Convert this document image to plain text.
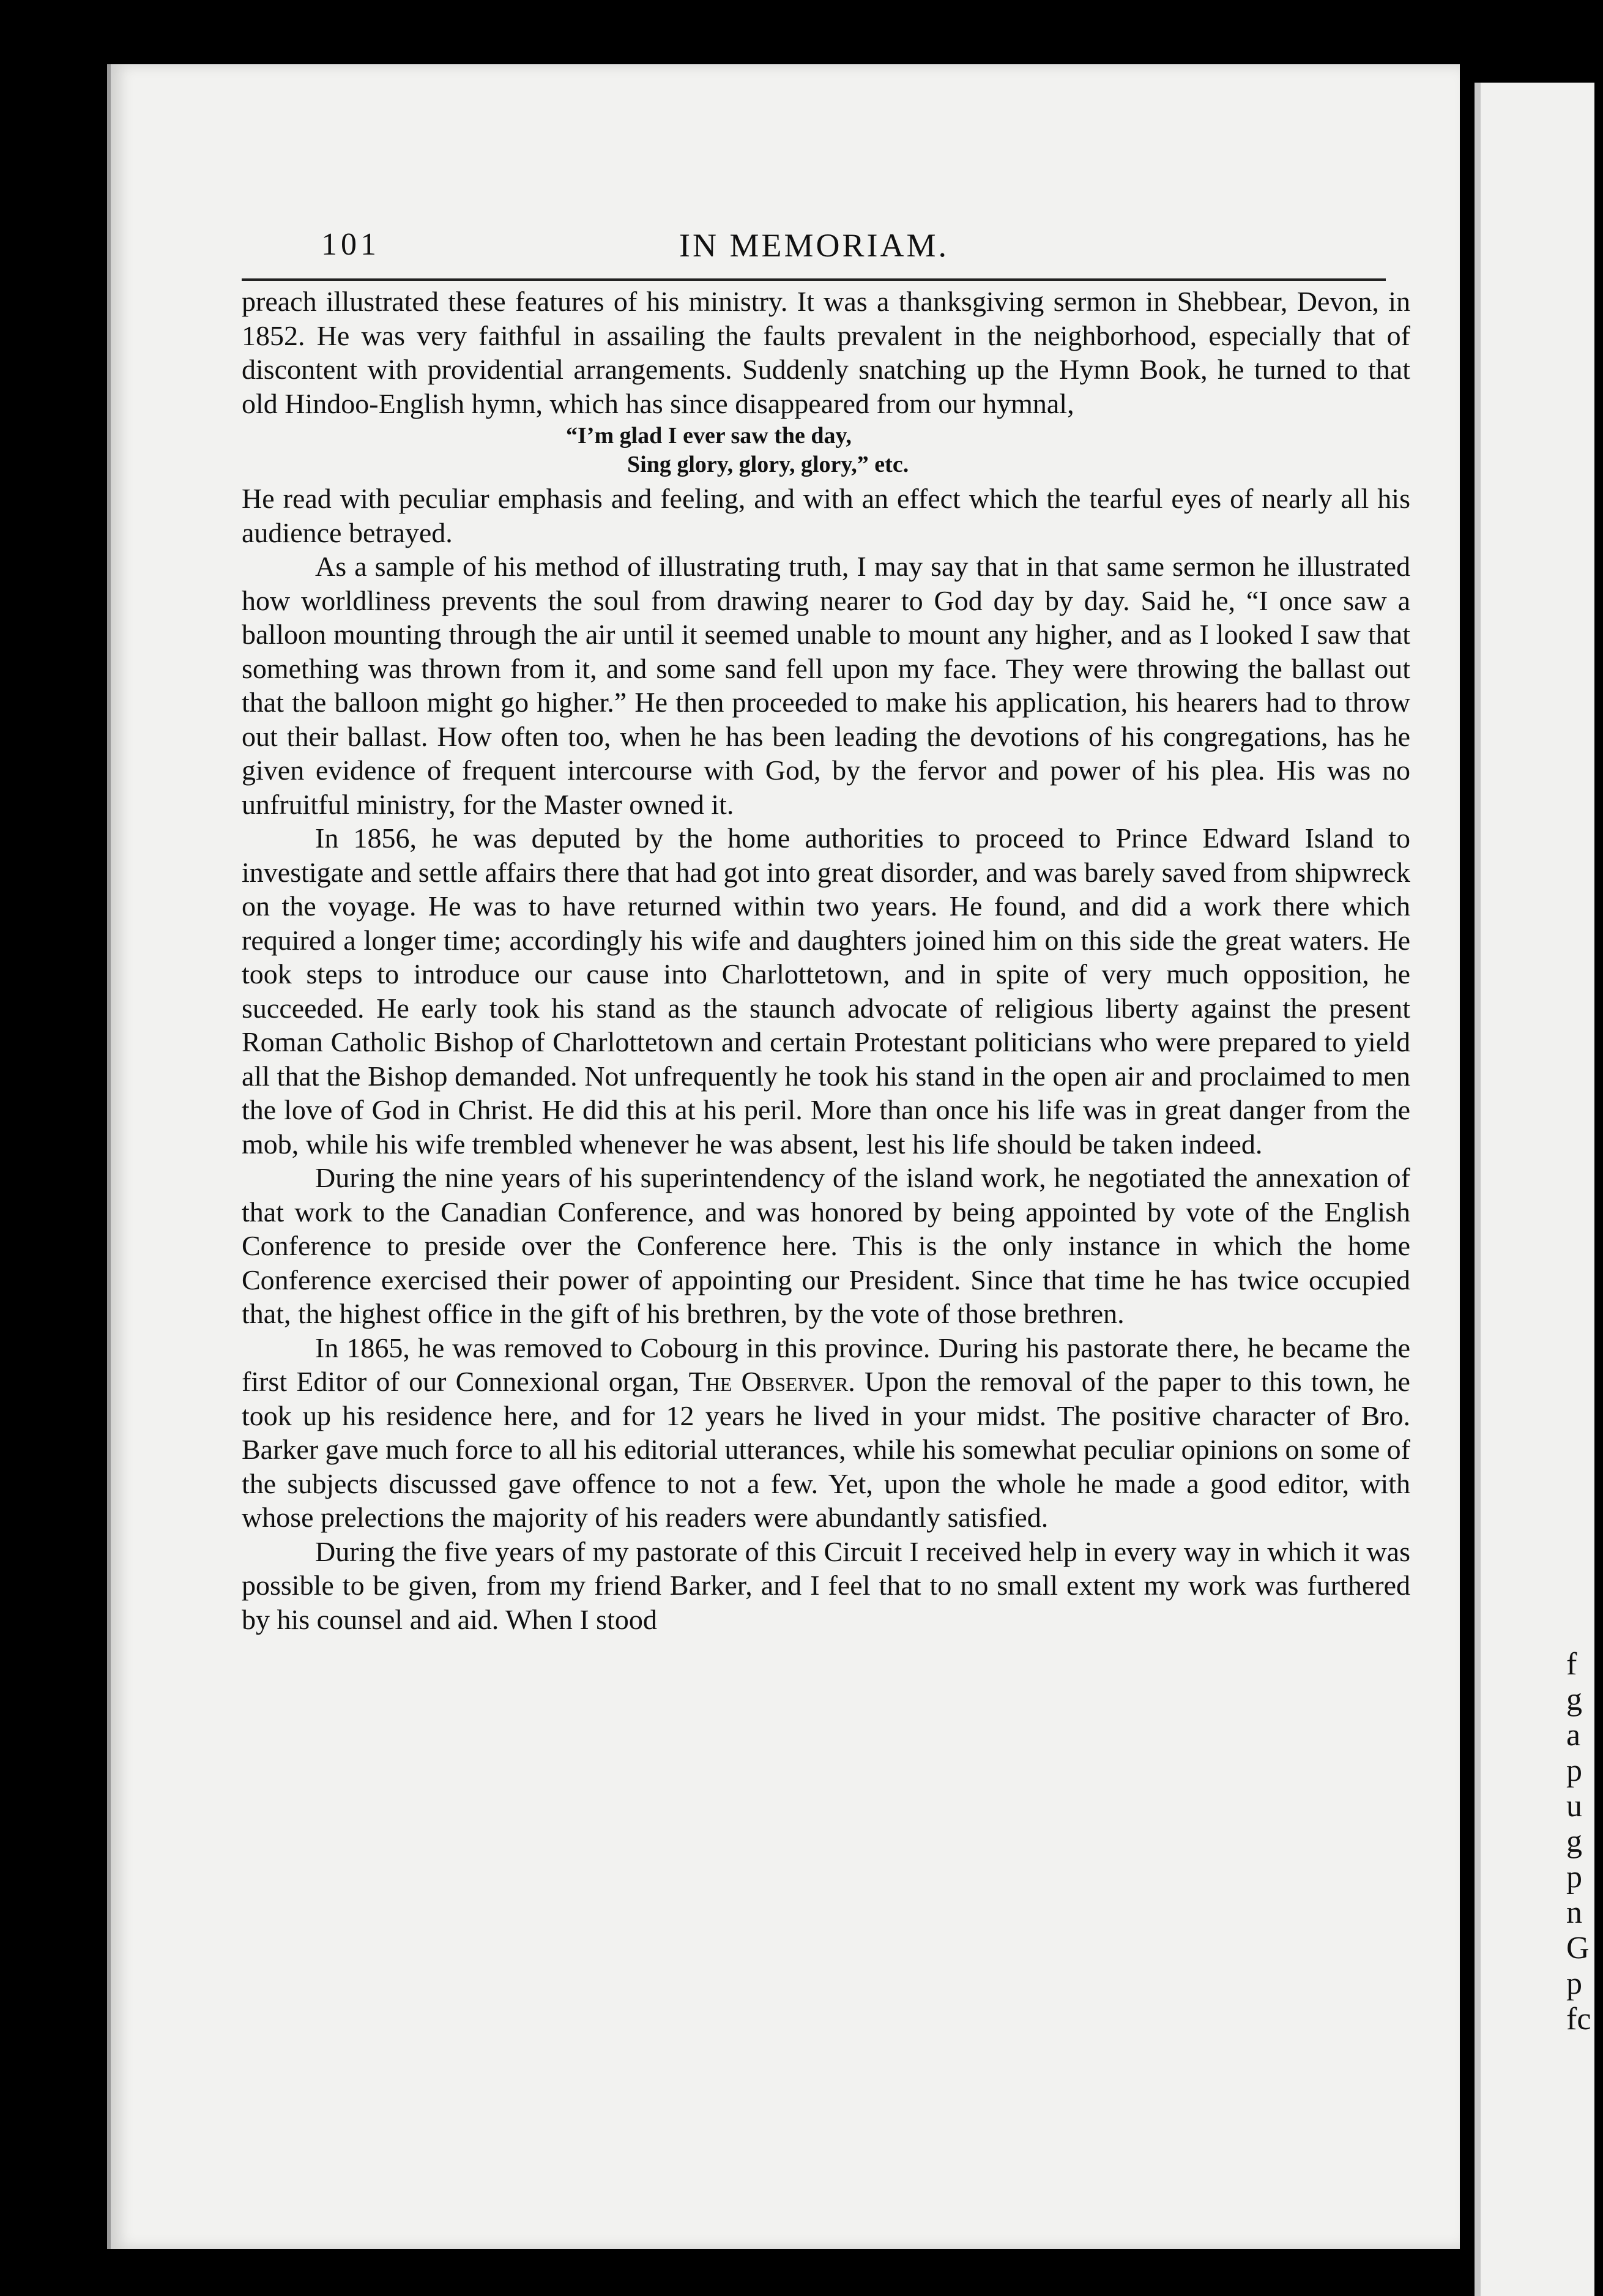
f
g
a
p
u
g
p
n
G
p
fc
101	IN MEMORIAM.

preach illustrated these features of his ministry. It was a thanksgiving sermon in Shebbear, Devon, in 1852. He was very faithful in assailing the faults prevalent in the neighborhood, especially that of discontent with providential arrangements. Suddenly snatching up the Hymn Book, he turned to that old Hindoo-English hymn, which has since disappeared from our hymnal,

“I’m glad I ever saw the day,
Sing glory, glory, glory,” etc.

He read with peculiar emphasis and feeling, and with an effect which the tearful eyes of nearly all his audience betrayed.

As a sample of his method of illustrating truth, I may say that in that same sermon he illustrated how worldliness prevents the soul from drawing nearer to God day by day. Said he, “I once saw a balloon mounting through the air until it seemed unable to mount any higher, and as I looked I saw that something was thrown from it, and some sand fell upon my face. They were throwing the ballast out that the balloon might go higher.” He then proceeded to make his application, his hearers had to throw out their ballast. How often too, when he has been leading the devotions of his congregations, has he given evidence of frequent intercourse with God, by the fervor and power of his plea. His was no unfruitful ministry, for the Master owned it.

In 1856, he was deputed by the home authorities to proceed to Prince Edward Island to investigate and settle affairs there that had got into great disorder, and was barely saved from shipwreck on the voyage. He was to have returned within two years. He found, and did a work there which required a longer time; accordingly his wife and daughters joined him on this side the great waters. He took steps to introduce our cause into Charlottetown, and in spite of very much opposition, he succeeded. He early took his stand as the staunch advocate of religious liberty against the present Roman Catholic Bishop of Charlottetown and certain Protestant politicians who were prepared to yield all that the Bishop demanded. Not unfrequently he took his stand in the open air and proclaimed to men the love of God in Christ. He did this at his peril. More than once his life was in great danger from the mob, while his wife trembled whenever he was absent, lest his life should be taken indeed.

During the nine years of his superintendency of the island work, he negotiated the annexation of that work to the Canadian Conference, and was honored by being appointed by vote of the English Conference to preside over the Conference here. This is the only instance in which the home Conference exercised their power of appointing our President. Since that time he has twice occupied that, the highest office in the gift of his brethren, by the vote of those brethren.

In 1865, he was removed to Cobourg in this province. During his pastorate there, he became the first Editor of our Connexional organ, The Observer. Upon the removal of the paper to this town, he took up his residence here, and for 12 years he lived in your midst. The positive character of Bro. Barker gave much force to all his editorial utterances, while his somewhat peculiar opinions on some of the subjects discussed gave offence to not a few. Yet, upon the whole he made a good editor, with whose prelections the majority of his readers were abundantly satisfied.

During the five years of my pastorate of this Circuit I received help in every way in which it was possible to be given, from my friend Barker, and I feel that to no small extent my work was furthered by his counsel and aid. When I stood
